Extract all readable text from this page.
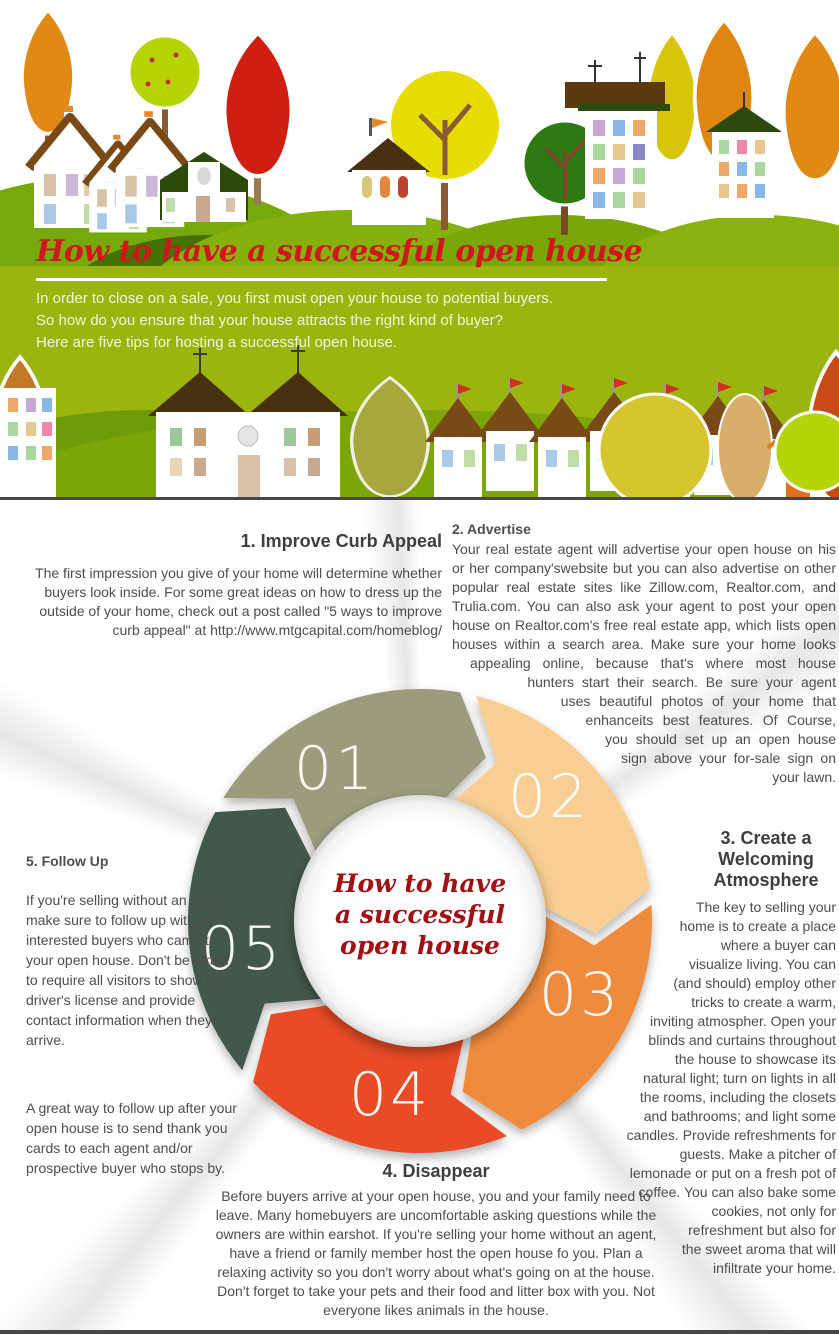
How to have a successful open house

In order to close on a sale, you first must open your house to potential buyers.
So how do you ensure that your house attracts the right kind of buyer?
Here are five tips for hosting a successful open house.

01 02
03
04
05
How to have
a successful
open house
1. Improve Curb Appeal

The first impression you give of your home will determine whether buyers look inside. For some great ideas on how to dress up the outside of your home, check out a post called "5 ways to improve curb appeal" at http://www.mtgcapital.com/homeblog/

2. Advertise
Your real estate agent will advertise your open house on his or her company'swebsite but you can also advertise on other popular real estate sites like Zillow.com, Realtor.com, and Trulia.com. You can also ask your agent to post your open house on Realtor.com's free real estate app, which lists open houses within a search area. Make sure your home looks appealing online, because that's where most house hunters start their search. Be sure your agent uses beautiful photos of your home that enhanceits best features. Of Course, you should set up an open house sign above your for-sale sign on your lawn.
3. Create a
Welcoming
Atmosphere
The key to selling your home is to create a place where a buyer can visualize living. You can (and should) employ other tricks to create a warm, inviting atmospher. Open your blinds and curtains throughout the house to showcase its natural light; turn on lights in all the rooms, including the closets and bathrooms; and light some candles. Provide refreshments for guests. Make a pitcher of lemonade or put on a fresh pot of coffee. You can also bake some cookies, not only for refreshment but also for the sweet aroma that will infiltrate your home.
4. Disappear

Before buyers arrive at your open house, you and your family need to leave. Many homebuyers are uncomfortable asking questions while the owners are within earshot. If you're selling your home without an agent, have a friend or family member host the open house fo you. Plan a relaxing activity so you don't worry about what's going on at the house. Don't forget to take your pets and their food and litter box with you. Not everyone likes animals in the house.

5. Follow Up
If you're selling without an agent, make sure to follow up with all interested buyers who came to your open house. Don't be afraid to require all visitors to show their driver's license and provide contact information when they arrive.
A great way to follow up after your open house is to send thank you cards to each agent and/or prospective buyer who stops by.
